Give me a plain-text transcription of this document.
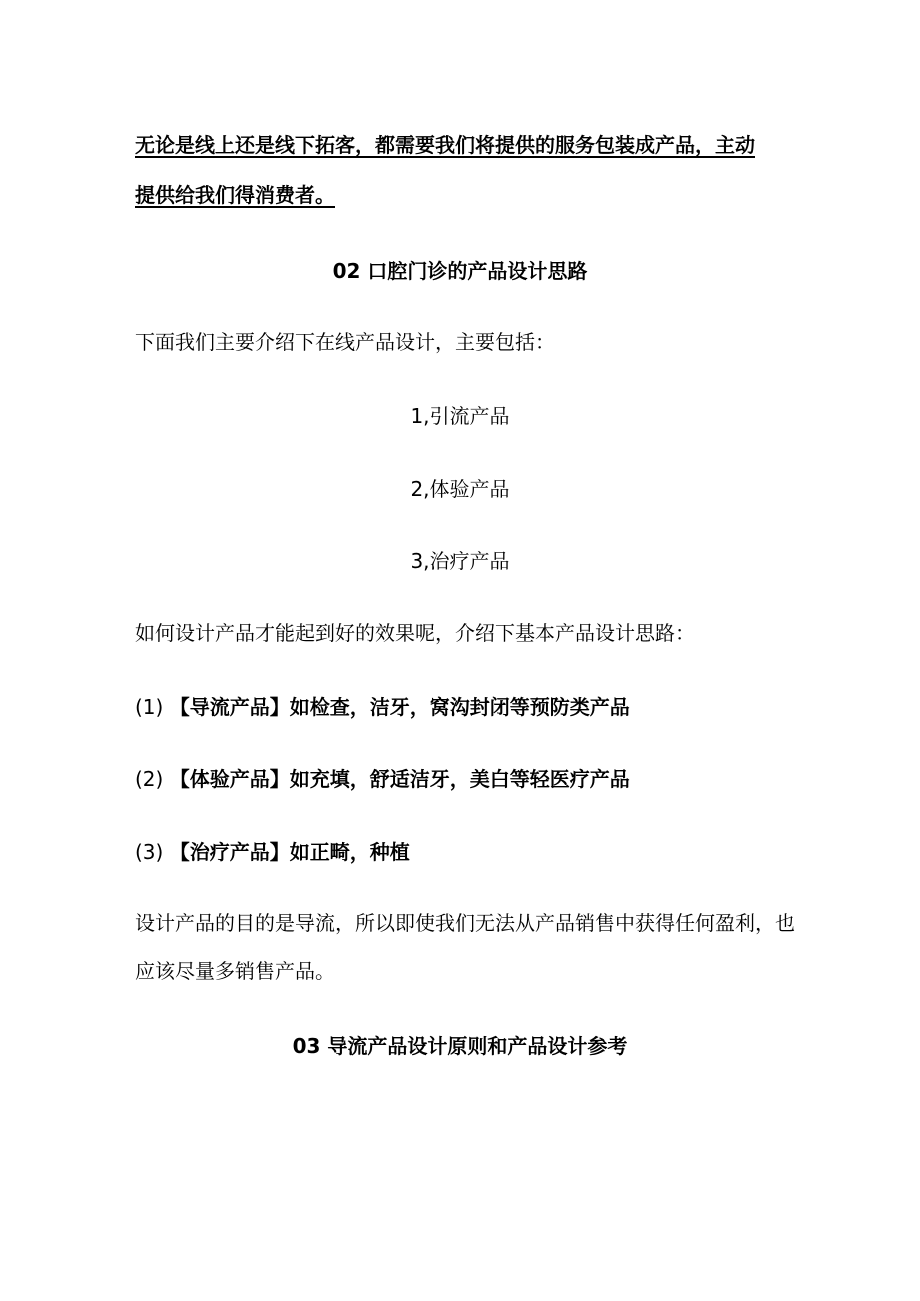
无论是线上还是线下拓客，都需要我们将提供的服务包装成产品，主动

提供给我们得消费者。

02 口腔门诊的产品设计思路

下面我们主要介绍下在线产品设计，主要包括：

1,引流产品

2,体验产品

3,治疗产品

如何设计产品才能起到好的效果呢，介绍下基本产品设计思路：

(1) 【导流产品】如检查，洁牙，窝沟封闭等预防类产品

(2) 【体验产品】如充填，舒适洁牙，美白等轻医疗产品

(3) 【治疗产品】如正畸，种植

设计产品的目的是导流，所以即使我们无法从产品销售中获得任何盈利，也

应该尽量多销售产品。

03 导流产品设计原则和产品设计参考
